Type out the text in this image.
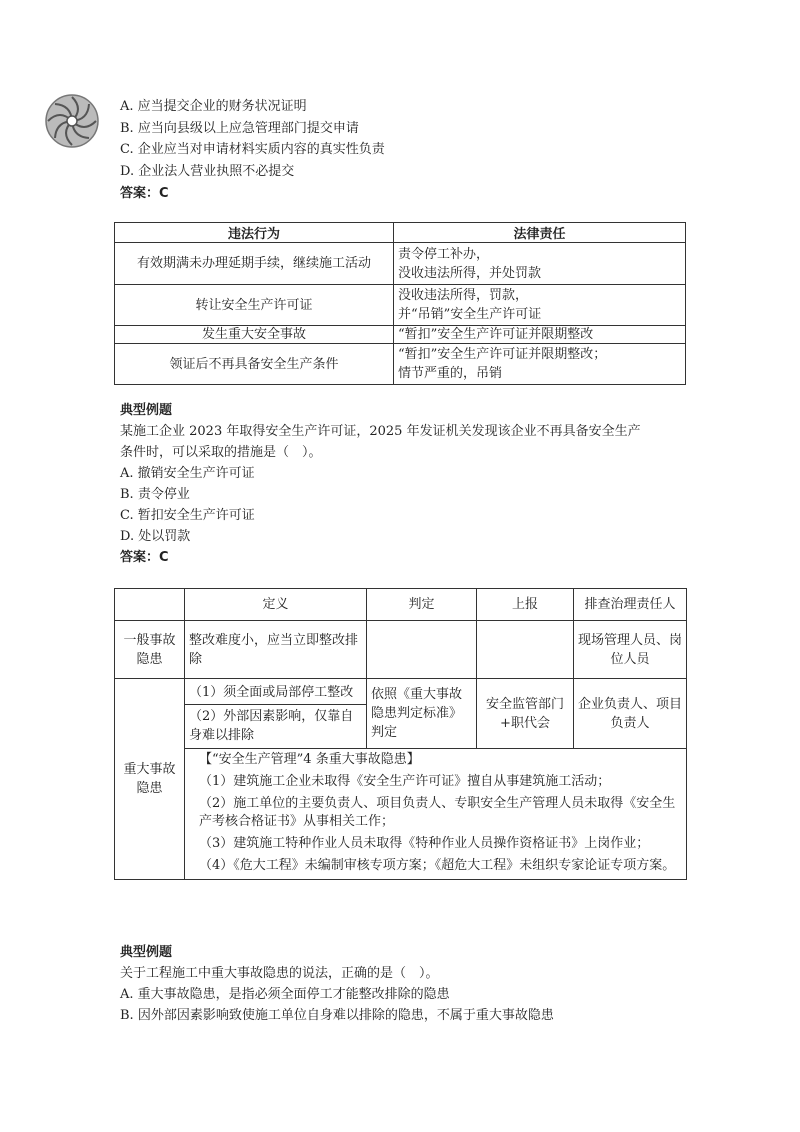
A. 应当提交企业的财务状况证明
B. 应当向县级以上应急管理部门提交申请
C. 企业应当对申请材料实质内容的真实性负责
D. 企业法人营业执照不必提交
答案：C
违法行为	法律责任
有效期满未办理延期手续，继续施工活动	责令停工补办，
没收违法所得，并处罚款

转让安全生产许可证	没收违法所得，罚款，
并“吊销”安全生产许可证

发生重大安全事故	“暂扣”安全生产许可证并限期整改
领证后不再具备安全生产条件	“暂扣”安全生产许可证并限期整改；
情节严重的，吊销
典型例题
某施工企业 2023 年取得安全生产许可证，2025 年发证机关发现该企业不再具备安全生产
条件时，可以采取的措施是（　）。
A. 撤销安全生产许可证
B. 责令停业
C. 暂扣安全生产许可证
D. 处以罚款
答案：C
	定义	判定	上报	排查治理责任人
一般事故隐患	整改难度小，应当立即整改排除			现场管理人员、岗位人员
重大事故隐患	（1）须全面或局部停工整改
（2）外部因素影响，仅靠自身难以排除	依照《重大事故隐患判定标准》判定	安全监管部门+职代会	企业负责人、项目负责人

	【“安全生产管理”4 条重大事故隐患】
（1）建筑施工企业未取得《安全生产许可证》擅自从事建筑施工活动；
（2）施工单位的主要负责人、项目负责人、专职安全生产管理人员未取得《安全生产考核合格证书》从事相关工作；
（3）建筑施工特种作业人员未取得《特种作业人员操作资格证书》上岗作业；
（4）《危大工程》未编制审核专项方案；《超危大工程》未组织专家论证专项方案。			
典型例题
关于工程施工中重大事故隐患的说法，正确的是（　）。
A. 重大事故隐患，是指必须全面停工才能整改排除的隐患
B. 因外部因素影响致使施工单位自身难以排除的隐患，不属于重大事故隐患
